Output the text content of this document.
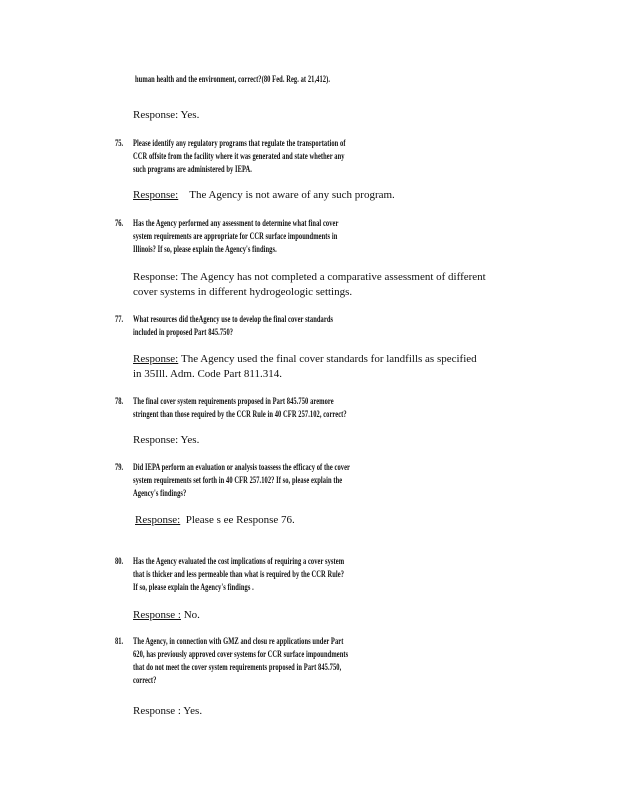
human health and the environment, correct?(80 Fed. Reg. at 21,412).
Response: Yes.
75. Please identify any regulatory programs that regulate the transportation of
CCR offsite from the facility where it was generated and state whether any
such programs are administered by IEPA.
Response: The Agency is not aware of any such program.
76. Has the Agency performed any assessment to determine what final cover
system requirements are appropriate for CCR surface impoundments in
Illinois? If so, please explain the Agency's findings.
Response: The Agency has not completed a comparative assessment of different
cover systems in different hydrogeologic settings.
77. What resources did theAgency use to develop the final cover standards
included in proposed Part 845.750?
Response: The Agency used the final cover standards for landfills as specified
in 35Ill. Adm. Code Part 811.314.
78. The final cover system requirements proposed in Part 845.750 aremore
stringent than those required by the CCR Rule in 40 CFR 257.102, correct?
Response: Yes.
79. Did IEPA perform an evaluation or analysis toassess the efficacy of the cover
system requirements set forth in 40 CFR 257.102? If so, please explain the
Agency's findings?
Response: Please s ee Response 76.
80. Has the Agency evaluated the cost implications of requiring a cover system
that is thicker and less permeable than what is required by the CCR Rule?
If so, please explain the Agency's findings .
Response : No.
81. The Agency, in connection with GMZ and closu re applications under Part
620, has previously approved cover systems for CCR surface impoundments
that do not meet the cover system requirements proposed in Part 845.750,
correct?
Response : Yes.
